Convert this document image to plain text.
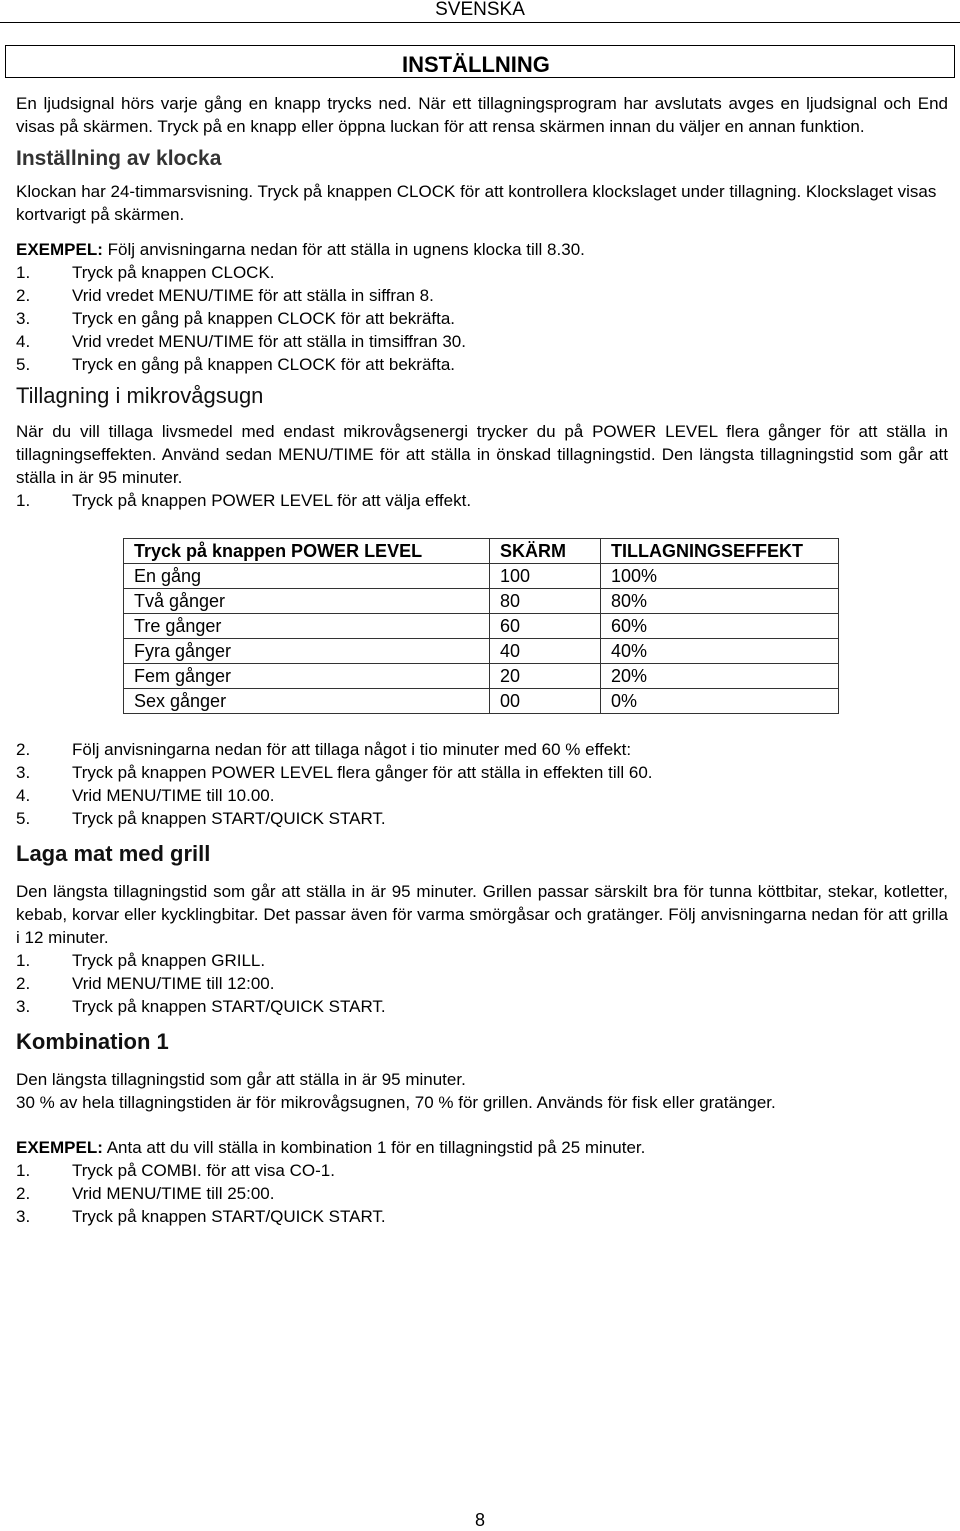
SVENSKA
INSTÄLLNING

En ljudsignal hörs varje gång en knapp trycks ned. När ett tillagningsprogram har avslutats avges en ljudsignal och End visas på skärmen. Tryck på en knapp eller öppna luckan för att rensa skärmen innan du väljer en annan funktion.

Inställning av klocka

Klockan har 24-timmarsvisning. Tryck på knappen CLOCK för att kontrollera klockslaget under tillagning. Klockslaget visas kortvarigt på skärmen.

EXEMPEL: Följ anvisningarna nedan för att ställa in ugnens klocka till 8.30.

1.	Tryck på knappen CLOCK.
2.	Vrid vredet MENU/TIME för att ställa in siffran 8.
3.	Tryck en gång på knappen CLOCK för att bekräfta.
4.	Vrid vredet MENU/TIME för att ställa in timsiffran 30.
5.	Tryck en gång på knappen CLOCK för att bekräfta.
Tillagning i mikrovågsugn

När du vill tillaga livsmedel med endast mikrovågsenergi trycker du på POWER LEVEL flera gånger för att ställa in tillagningseffekten. Använd sedan MENU/TIME för att ställa in önskad tillagningstid. Den längsta tillagningstid som går att ställa in är 95 minuter.

1.	Tryck på knappen POWER LEVEL för att välja effekt.
Tryck på knappen POWER LEVEL	SKÄRM	TILLAGNINGSEFFEKT
En gång	100	100%
Två gånger	80	80%
Tre gånger	60	60%
Fyra gånger	40	40%
Fem gånger	20	20%
Sex gånger	00	0%
2.	Följ anvisningarna nedan för att tillaga något i tio minuter med 60 % effekt:
3.	Tryck på knappen POWER LEVEL flera gånger för att ställa in effekten till 60.
4.	Vrid MENU/TIME till 10.00.
5.	Tryck på knappen START/QUICK START.
Laga mat med grill

Den längsta tillagningstid som går att ställa in är 95 minuter. Grillen passar särskilt bra för tunna köttbitar, stekar, kotletter, kebab, korvar eller kycklingbitar. Det passar även för varma smörgåsar och gratänger. Följ anvisningarna nedan för att grilla i 12 minuter.

1.	Tryck på knappen GRILL.
2.	Vrid MENU/TIME till 12:00.
3.	Tryck på knappen START/QUICK START.
Kombination 1

Den längsta tillagningstid som går att ställa in är 95 minuter.

30 % av hela tillagningstiden är för mikrovågsugnen, 70 % för grillen. Används för fisk eller gratänger.

EXEMPEL: Anta att du vill ställa in kombination 1 för en tillagningstid på 25 minuter.

1.	Tryck på COMBI. för att visa CO-1.
2.	Vrid MENU/TIME till 25:00.
3.	Tryck på knappen START/QUICK START.
8
